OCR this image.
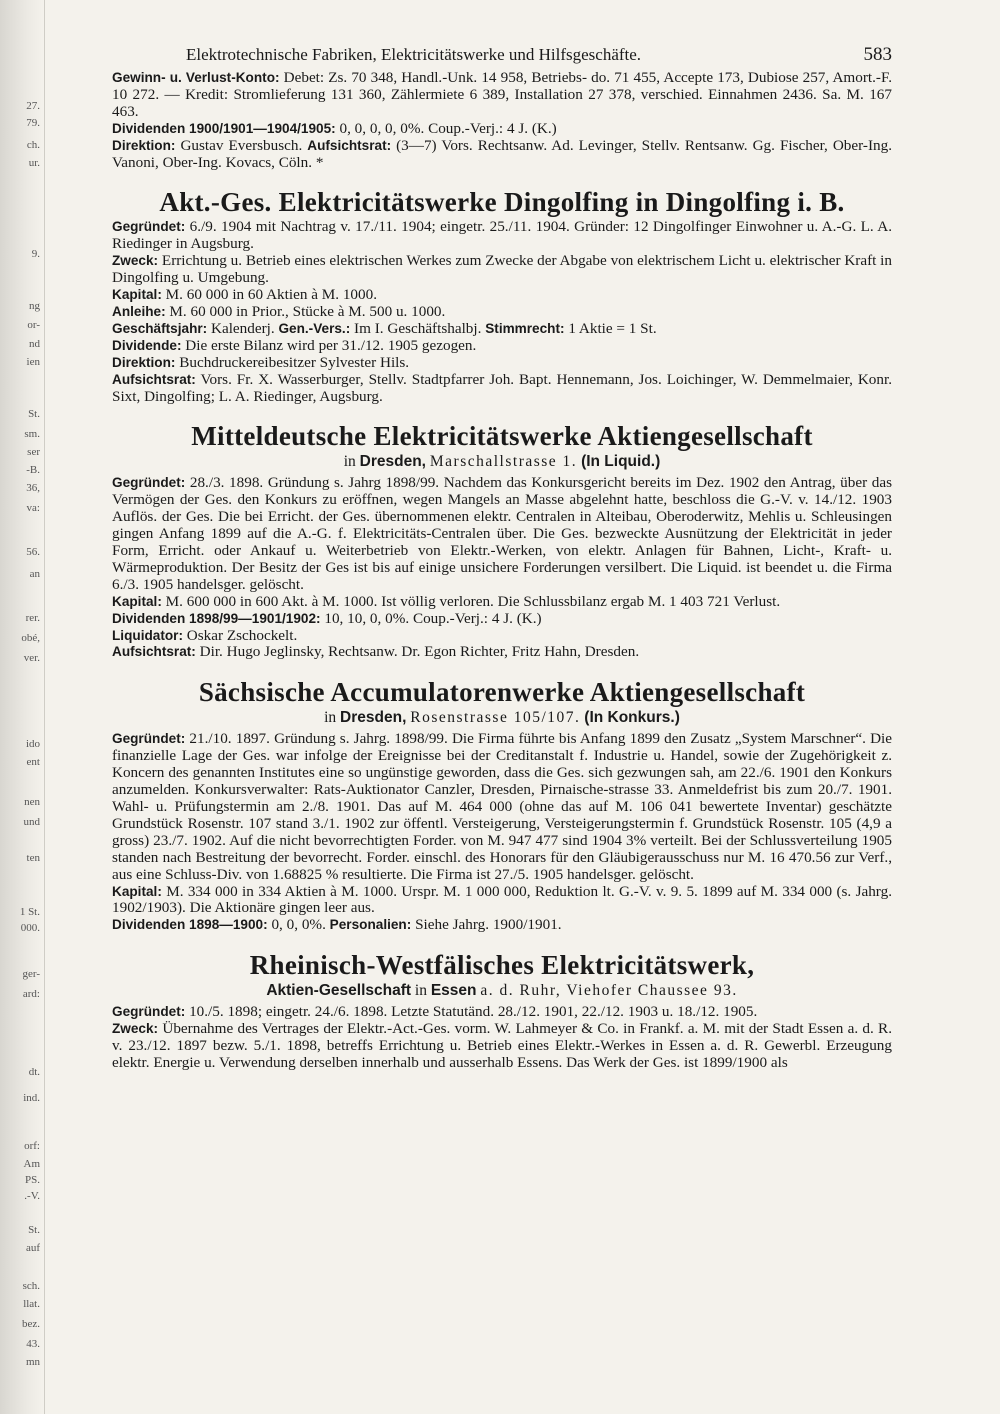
27.
79.
ch.
ur.
9.
ng
or-
nd
ien
St.
sm.
ser
-B.
36,
va:
56.
an
rer.
obé,
ver.
ido
ent
nen
und
ten
1 St.
000.
ger-
ard:
dt.
ind.
orf:
Am
PS.
.-V.
St.
auf
sch.
llat.
bez.
43.
mn
Elektrotechnische Fabriken, Elektricitätswerke und Hilfsgeschäfte.	583

Gewinn- u. Verlust-Konto: Debet: Zs. 70 348, Handl.-Unk. 14 958, Betriebs- do. 71 455, Accepte 173, Dubiose 257, Amort.-F. 10 272. — Kredit: Stromlieferung 131 360, Zählermiete 6 389, Installation 27 378, verschied. Einnahmen 2436. Sa. M. 167 463.

Dividenden 1900/1901—1904/1905: 0, 0, 0, 0, 0%. Coup.-Verj.: 4 J. (K.)

Direktion: Gustav Eversbusch. Aufsichtsrat: (3—7) Vors. Rechtsanw. Ad. Levinger, Stellv. Rentsanw. Gg. Fischer, Ober-Ing. Vanoni, Ober-Ing. Kovacs, Cöln. *

Akt.-Ges. Elektricitätswerke Dingolfing in Dingolfing i. B.

Gegründet: 6./9. 1904 mit Nachtrag v. 17./11. 1904; eingetr. 25./11. 1904. Gründer: 12 Dingolfinger Einwohner u. A.-G. L. A. Riedinger in Augsburg.

Zweck: Errichtung u. Betrieb eines elektrischen Werkes zum Zwecke der Abgabe von elektrischem Licht u. elektrischer Kraft in Dingolfing u. Umgebung.

Kapital: M. 60 000 in 60 Aktien à M. 1000.

Anleihe: M. 60 000 in Prior., Stücke à M. 500 u. 1000.

Geschäftsjahr: Kalenderj. Gen.-Vers.: Im I. Geschäftshalbj. Stimmrecht: 1 Aktie = 1 St.

Dividende: Die erste Bilanz wird per 31./12. 1905 gezogen.

Direktion: Buchdruckereibesitzer Sylvester Hils.

Aufsichtsrat: Vors. Fr. X. Wasserburger, Stellv. Stadtpfarrer Joh. Bapt. Hennemann, Jos. Loichinger, W. Demmelmaier, Konr. Sixt, Dingolfing; L. A. Riedinger, Augsburg.

Mitteldeutsche Elektricitätswerke Aktiengesellschaft
in Dresden, Marschallstrasse 1. (In Liquid.)

Gegründet: 28./3. 1898. Gründung s. Jahrg 1898/99. Nachdem das Konkursgericht bereits im Dez. 1902 den Antrag, über das Vermögen der Ges. den Konkurs zu eröffnen, wegen Mangels an Masse abgelehnt hatte, beschloss die G.-V. v. 14./12. 1903 Auflös. der Ges. Die bei Erricht. der Ges. übernommenen elektr. Centralen in Alteibau, Oberoderwitz, Mehlis u. Schleusingen gingen Anfang 1899 auf die A.-G. f. Elektricitäts-Centralen über. Die Ges. bezweckte Ausnützung der Elektricität in jeder Form, Erricht. oder Ankauf u. Weiterbetrieb von Elektr.-Werken, von elektr. Anlagen für Bahnen, Licht-, Kraft- u. Wärmeproduktion. Der Besitz der Ges ist bis auf einige unsichere Forderungen versilbert. Die Liquid. ist beendet u. die Firma 6./3. 1905 handelsger. gelöscht.

Kapital: M. 600 000 in 600 Akt. à M. 1000. Ist völlig verloren. Die Schlussbilanz ergab M. 1 403 721 Verlust.

Dividenden 1898/99—1901/1902: 10, 10, 0, 0%. Coup.-Verj.: 4 J. (K.)

Liquidator: Oskar Zschockelt.

Aufsichtsrat: Dir. Hugo Jeglinsky, Rechtsanw. Dr. Egon Richter, Fritz Hahn, Dresden.

Sächsische Accumulatorenwerke Aktiengesellschaft
in Dresden, Rosenstrasse 105/107. (In Konkurs.)

Gegründet: 21./10. 1897. Gründung s. Jahrg. 1898/99. Die Firma führte bis Anfang 1899 den Zusatz „System Marschner“. Die finanzielle Lage der Ges. war infolge der Ereignisse bei der Creditanstalt f. Industrie u. Handel, sowie der Zugehörigkeit z. Koncern des genannten Institutes eine so ungünstige geworden, dass die Ges. sich gezwungen sah, am 22./6. 1901 den Konkurs anzumelden. Konkursverwalter: Rats-Auktionator Canzler, Dresden, Pirnaische-strasse 33. Anmeldefrist bis zum 20./7. 1901. Wahl- u. Prüfungstermin am 2./8. 1901. Das auf M. 464 000 (ohne das auf M. 106 041 bewertete Inventar) geschätzte Grundstück Rosenstr. 107 stand 3./1. 1902 zur öffentl. Versteigerung, Versteigerungstermin f. Grundstück Rosenstr. 105 (4,9 a gross) 23./7. 1902. Auf die nicht bevorrechtigten Forder. von M. 947 477 sind 1904 3% verteilt. Bei der Schlussverteilung 1905 standen nach Bestreitung der bevorrecht. Forder. einschl. des Honorars für den Gläubigerausschuss nur M. 16 470.56 zur Verf., aus eine Schluss-Div. von 1.68825 % resultierte. Die Firma ist 27./5. 1905 handelsger. gelöscht.

Kapital: M. 334 000 in 334 Aktien à M. 1000. Urspr. M. 1 000 000, Reduktion lt. G.-V. v. 9. 5. 1899 auf M. 334 000 (s. Jahrg. 1902/1903). Die Aktionäre gingen leer aus.

Dividenden 1898—1900: 0, 0, 0%. Personalien: Siehe Jahrg. 1900/1901.

Rheinisch-Westfälisches Elektricitätswerk,
Aktien-Gesellschaft in Essen a. d. Ruhr, Viehofer Chaussee 93.

Gegründet: 10./5. 1898; eingetr. 24./6. 1898. Letzte Statutänd. 28./12. 1901, 22./12. 1903 u. 18./12. 1905.

Zweck: Übernahme des Vertrages der Elektr.-Act.-Ges. vorm. W. Lahmeyer & Co. in Frankf. a. M. mit der Stadt Essen a. d. R. v. 23./12. 1897 bezw. 5./1. 1898, betreffs Errichtung u. Betrieb eines Elektr.-Werkes in Essen a. d. R. Gewerbl. Erzeugung elektr. Energie u. Verwendung derselben innerhalb und ausserhalb Essens. Das Werk der Ges. ist 1899/1900 als
